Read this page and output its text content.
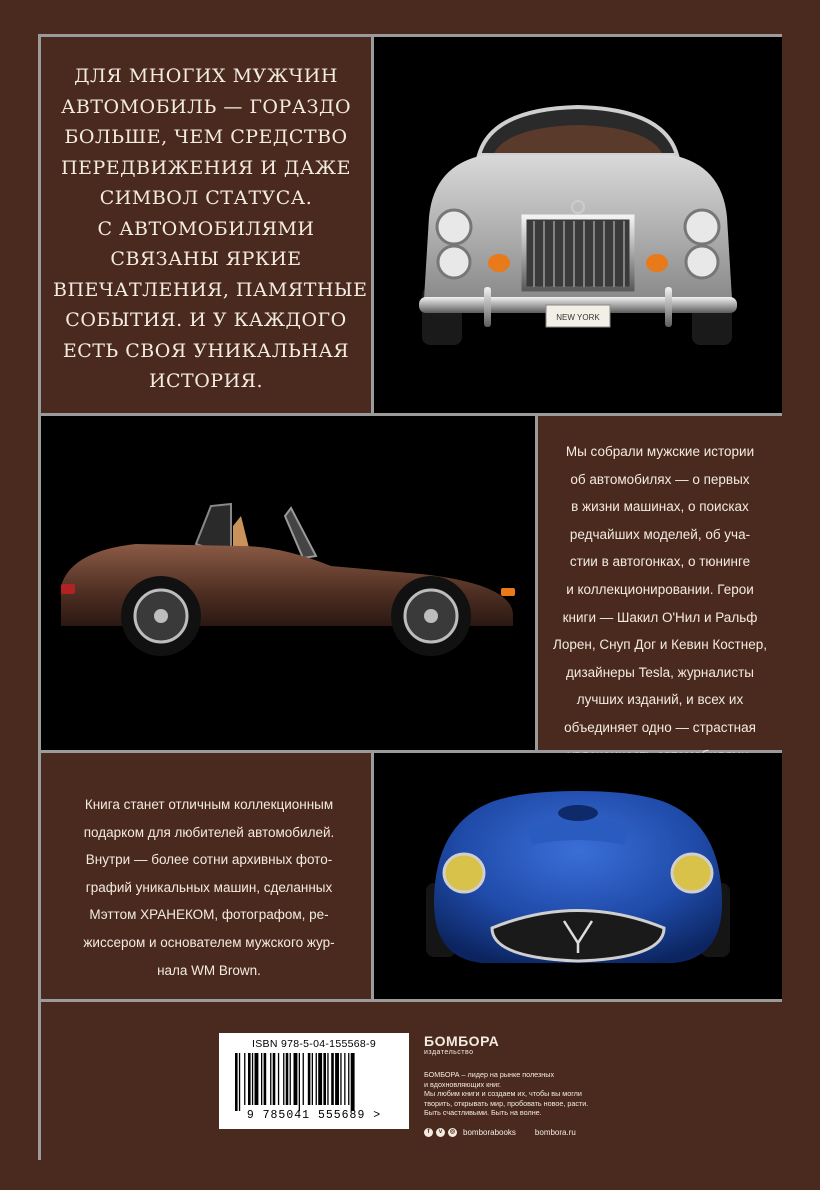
ДЛЯ МНОГИХ МУЖЧИН
АВТОМОБИЛЬ — ГОРАЗДО
БОЛЬШЕ, ЧЕМ СРЕДСТВО
ПЕРЕДВИЖЕНИЯ И ДАЖЕ
СИМВОЛ СТАТУСА.
С АВТОМОБИЛЯМИ
СВЯЗАНЫ ЯРКИЕ
ВПЕЧАТЛЕНИЯ, ПАМЯТНЫЕ
СОБЫТИЯ. И У КАЖДОГО
ЕСТЬ СВОЯ УНИКАЛЬНАЯ
ИСТОРИЯ.
NEW YORK
Мы собрали мужские истории
об автомобилях — о первых
в жизни машинах, о поисках
редчайших моделей, об уча-
стии в автогонках, о тюнинге
и коллекционировании. Герои
книги — Шакил О'Нил и Ральф
Лорен, Снуп Дог и Кевин Костнер,
дизайнеры Tesla, журналисты
лучших изданий, и всех их
объединяет одно — страстная
Книга станет отличным коллекционным
подарком для любителей автомобилей.
Внутри — более сотни архивных фото-
графий уникальных машин, сделанных
Мэттом ХРАНЕКОМ, фотографом, ре-
жиссером и основателем мужского жур-
нала WM Brown.
ISBN 978-5-04-155568-9
9 785041 555689 >
БОМБОРА
издательство
БОМБОРА – лидер на рынке полезных
и вдохновляющих книг.
Мы любим книги и создаем их, чтобы вы могли
творить, открывать мир, пробовать новое, расти.
Быть счастливыми. Быть на волне.
f	v	◎ bomborabooks bombora.ru
